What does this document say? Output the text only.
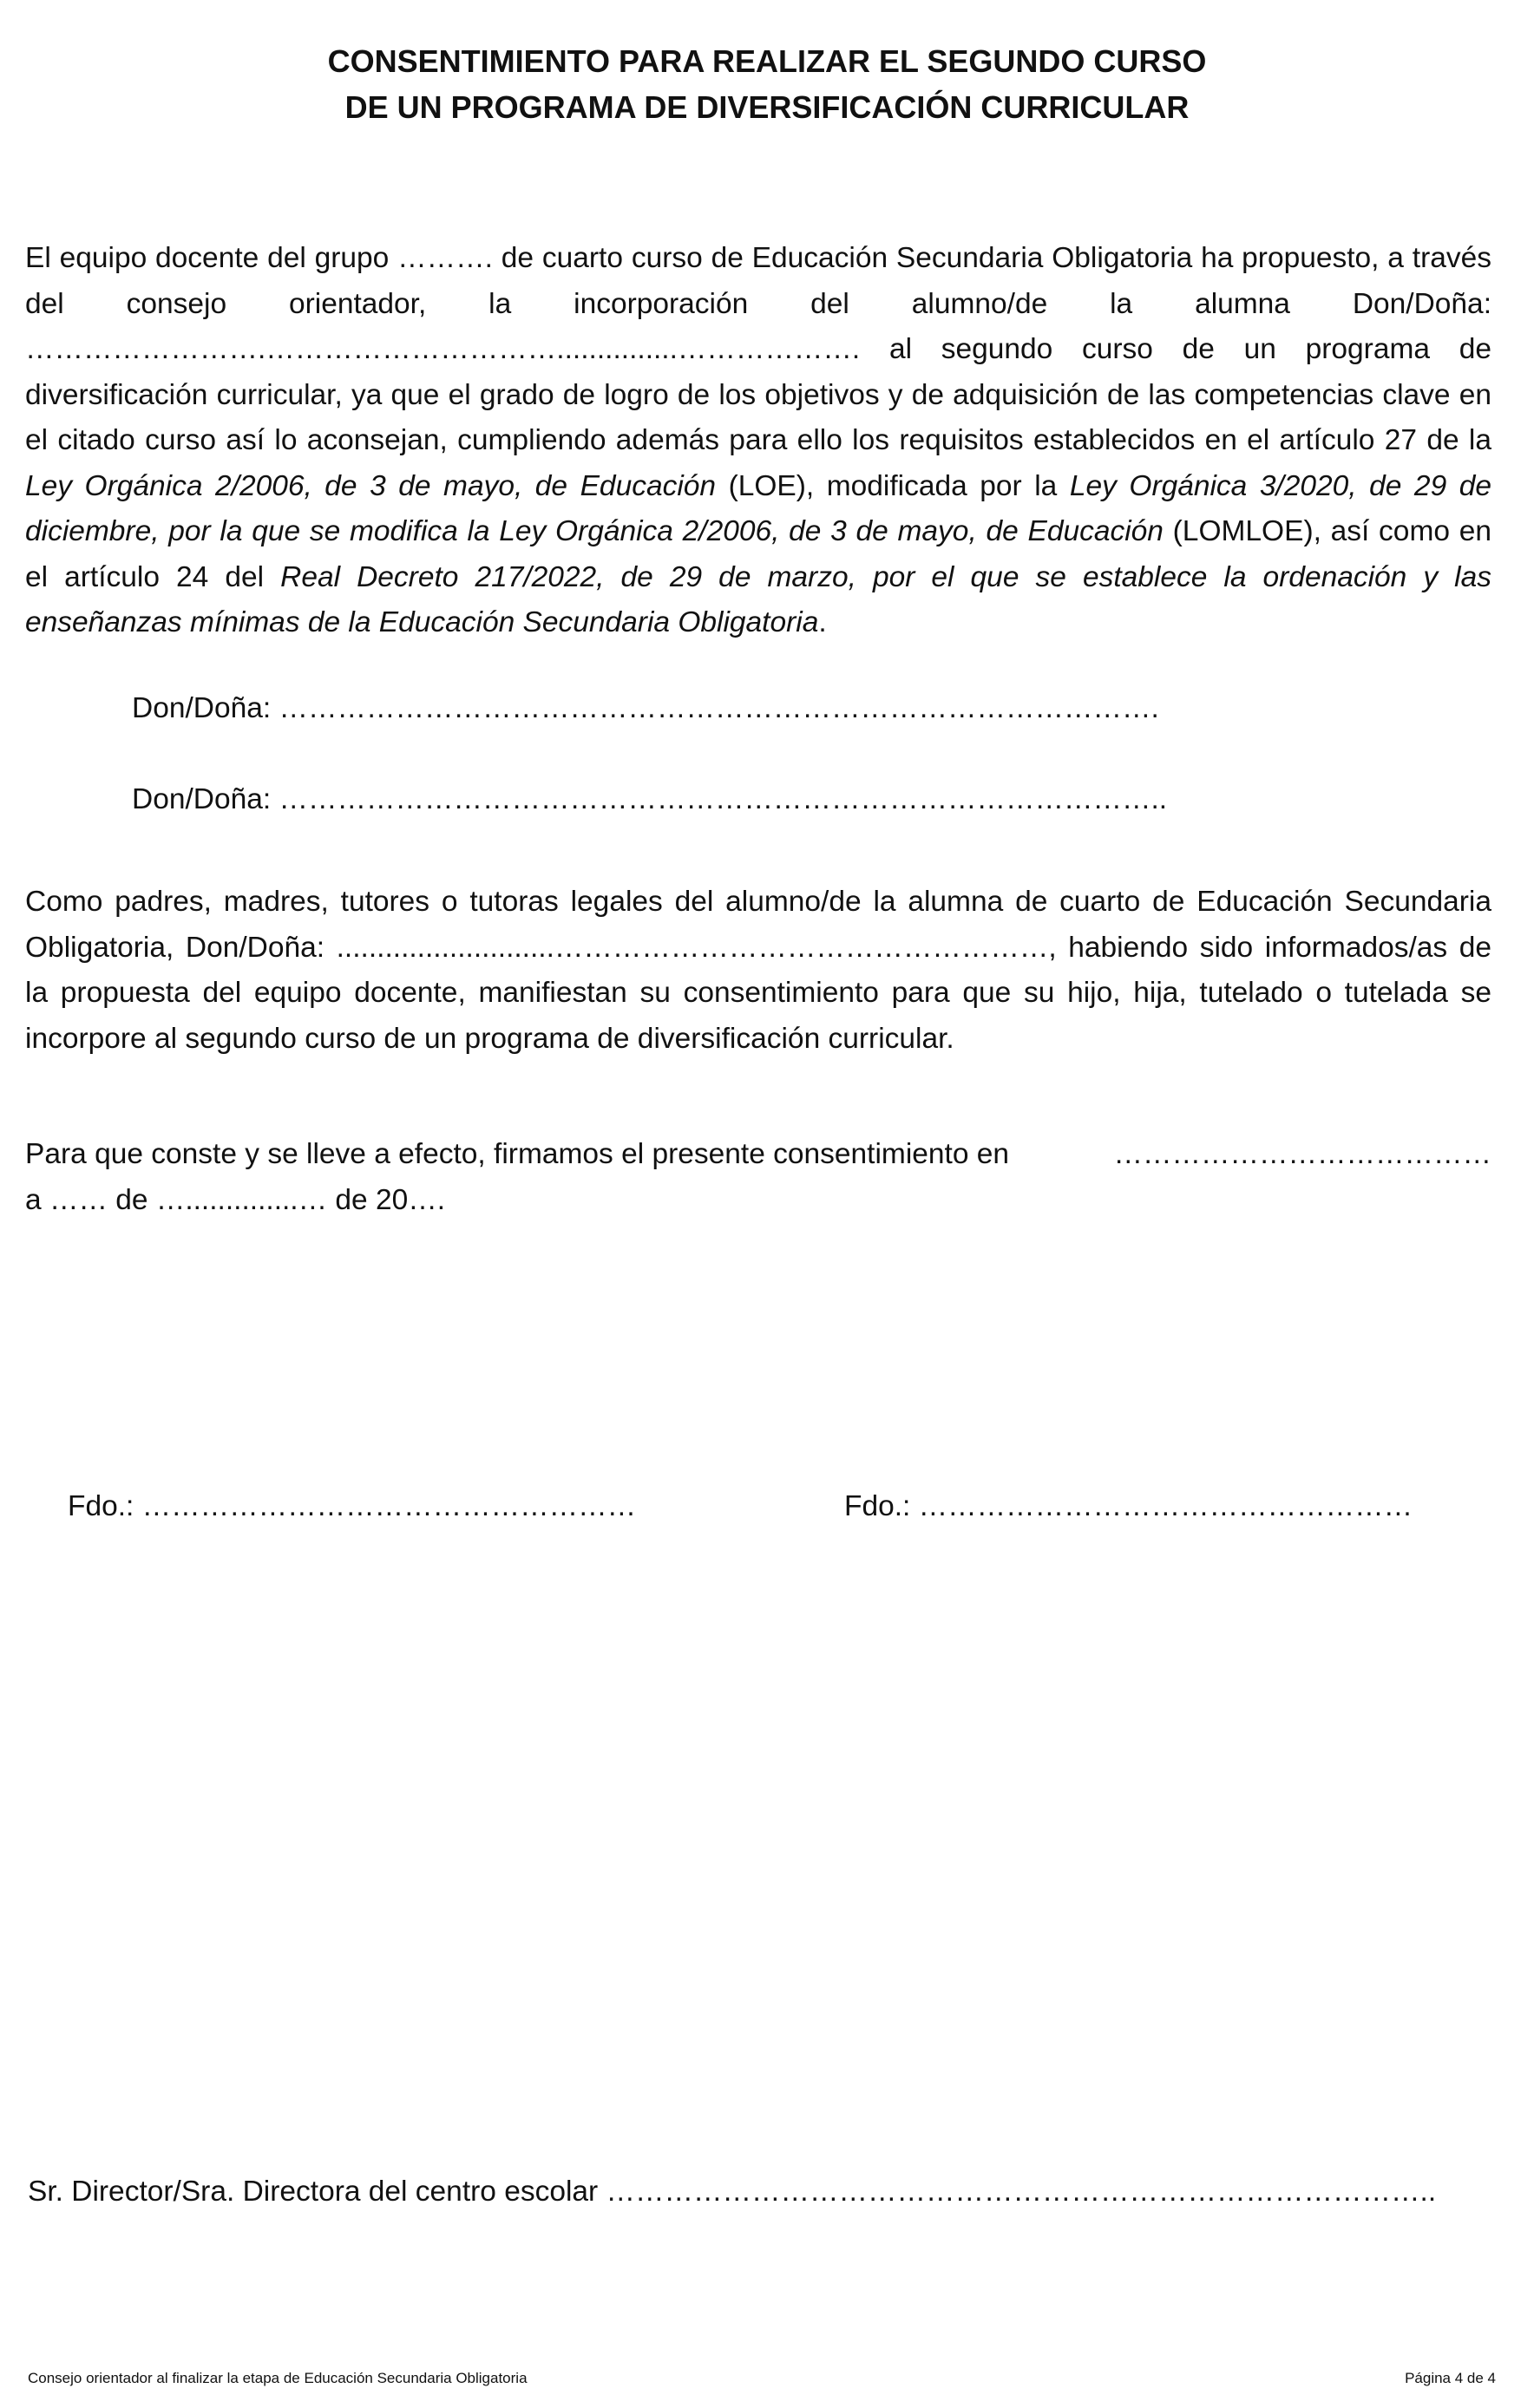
CONSENTIMIENTO PARA REALIZAR EL SEGUNDO CURSO
DE UN PROGRAMA DE DIVERSIFICACIÓN CURRICULAR

El equipo docente del grupo ………. de cuarto curso de Educación Secundaria Obligatoria ha propuesto, a través del consejo orientador, la incorporación del alumno/de la alumna Don/Doña: …………………….…………………………...............………………. al segundo curso de un programa de diversificación curricular, ya que el grado de logro de los objetivos y de adquisición de las competencias clave en el citado curso así lo aconsejan, cumpliendo además para ello los requisitos establecidos en el artículo 27 de la Ley Orgánica 2/2006, de 3 de mayo, de Educación (LOE), modificada por la Ley Orgánica 3/2020, de 29 de diciembre, por la que se modifica la Ley Orgánica 2/2006, de 3 de mayo, de Educación (LOMLOE), así como en el artículo 24 del Real Decreto 217/2022, de 29 de marzo, por el que se establece la ordenación y las enseñanzas mínimas de la Educación Secundaria Obligatoria.

Don/Doña: ……………………………………………………………………………….
Don/Doña: ………………………………………………………………………………..

Como padres, madres, tutores o tutoras legales del alumno/de la alumna de cuarto de Educación Secundaria Obligatoria, Don/Doña: ...........................……………………………………………, habiendo sido informados/as de la propuesta del equipo docente, manifiestan su consentimiento para que su hijo, hija, tutelado o tutelada se incorpore al segundo curso de un programa de diversificación curricular.

Para que conste y se lleve a efecto, firmamos el presente consentimiento en	…………………………………
a …… de …..............… de 20….
Fdo.: ……………………………………………	Fdo.: ……………………………………………
Sr. Director/Sra. Directora del centro escolar …………………………………………………………………………..
Consejo orientador al finalizar la etapa de Educación Secundaria Obligatoria	Página 4 de 4
